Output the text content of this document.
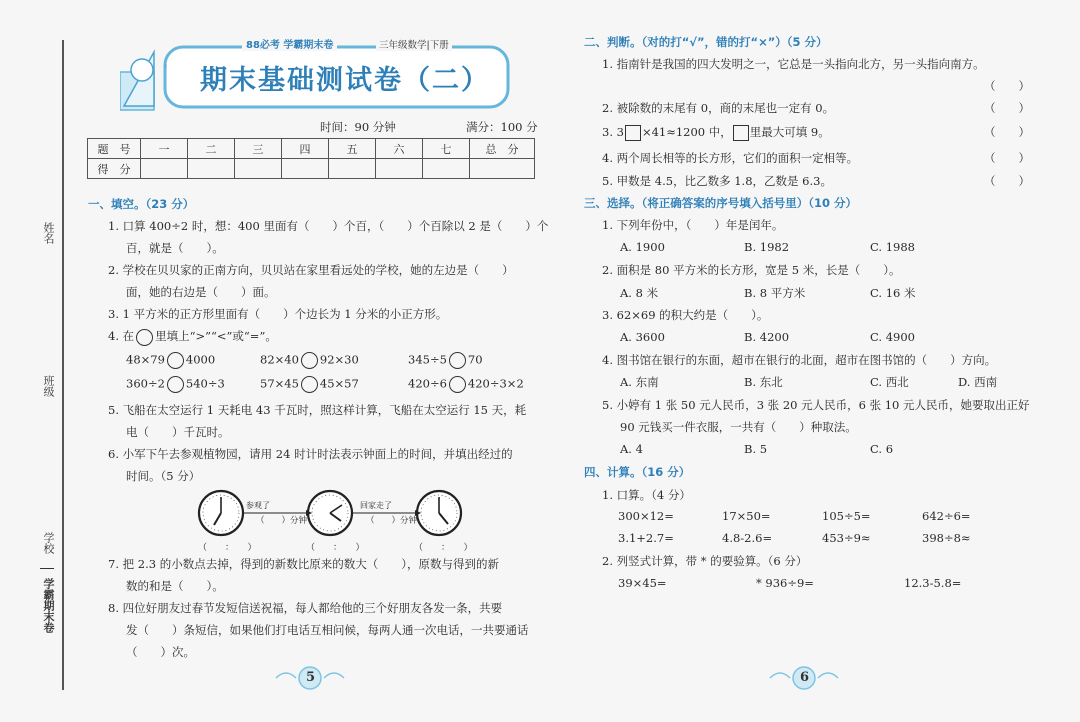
姓名
班级
学校
学霸期末卷
88必考 学霸期末卷	三年级数学|下册
期末基础测试卷（二）
时间：90 分钟	满分：100 分
题　号	一	二	三	四	五	六	七	总　分
得　分								
一、填空。（23 分）
1. 口算 400÷2 时，想：400 里面有（　　）个百，（　　）个百除以 2 是（　　）个
百，就是（　　）。
2. 学校在贝贝家的正南方向，贝贝站在家里看远处的学校，她的左边是（　　）
面，她的右边是（　　）面。
3. 1 平方米的正方形里面有（　　）个边长为 1 分米的小正方形。
4. 在 里填上“>”“<”或“=”。
48×79 4000	82×40 92×30	345÷5 70
360÷2 540÷3	57×45 45×57	420÷6 420÷3×2
5. 飞船在太空运行 1 天耗电 43 千瓦时，照这样计算，飞船在太空运行 15 天，耗
电（　　）千瓦时。
6. 小军下午去参观植物园，请用 24 时计时法表示钟面上的时间，并填出经过的
时间。（5 分）
参观了	回家走了
（　　）分钟	（　　）分钟
（　　：　　）	（　　：　　）	（　　：　　）
7. 把 2.3 的小数点去掉，得到的新数比原来的数大（　　），原数与得到的新
数的和是（　　）。
8. 四位好朋友过春节发短信送祝福，每人都给他的三个好朋友各发一条，共要
发（　　）条短信，如果他们打电话互相问候，每两人通一次电话，一共要通话
（　　）次。
5
二、判断。（对的打“√”，错的打“×”）（5 分）
1. 指南针是我国的四大发明之一，它总是一头指向北方，另一头指向南方。
（　　）
2. 被除数的末尾有 0，商的末尾也一定有 0。	（　　）
3. 3 ×41≈1200 中， 里最大可填 9。	（　　）
4. 两个周长相等的长方形，它们的面积一定相等。	（　　）
5. 甲数是 4.5，比乙数多 1.8，乙数是 6.3。	（　　）
三、选择。（将正确答案的序号填入括号里）（10 分）
1. 下列年份中，（　　）年是闰年。
A. 1900	B. 1982	C. 1988
2. 面积是 80 平方米的长方形，宽是 5 米，长是（　　）。
A. 8 米	B. 8 平方米	C. 16 米
3. 62×69 的积大约是（　　）。
A. 3600	B. 4200	C. 4900
4. 图书馆在银行的东面，超市在银行的北面，超市在图书馆的（　　）方向。
A. 东南	B. 东北	C. 西北	D. 西南
5. 小婷有 1 张 50 元人民币，3 张 20 元人民币，6 张 10 元人民币，她要取出正好
90 元钱买一件衣服，一共有（　　）种取法。
A. 4	B. 5	C. 6
四、计算。（16 分）
1. 口算。（4 分）
300×12=	17×50=	105÷5=	642÷6=
3.1+2.7=	4.8-2.6=	453÷9≈	398÷8≈
2. 列竖式计算，带 * 的要验算。（6 分）
39×45=	* 936÷9=	12.3-5.8=
6
